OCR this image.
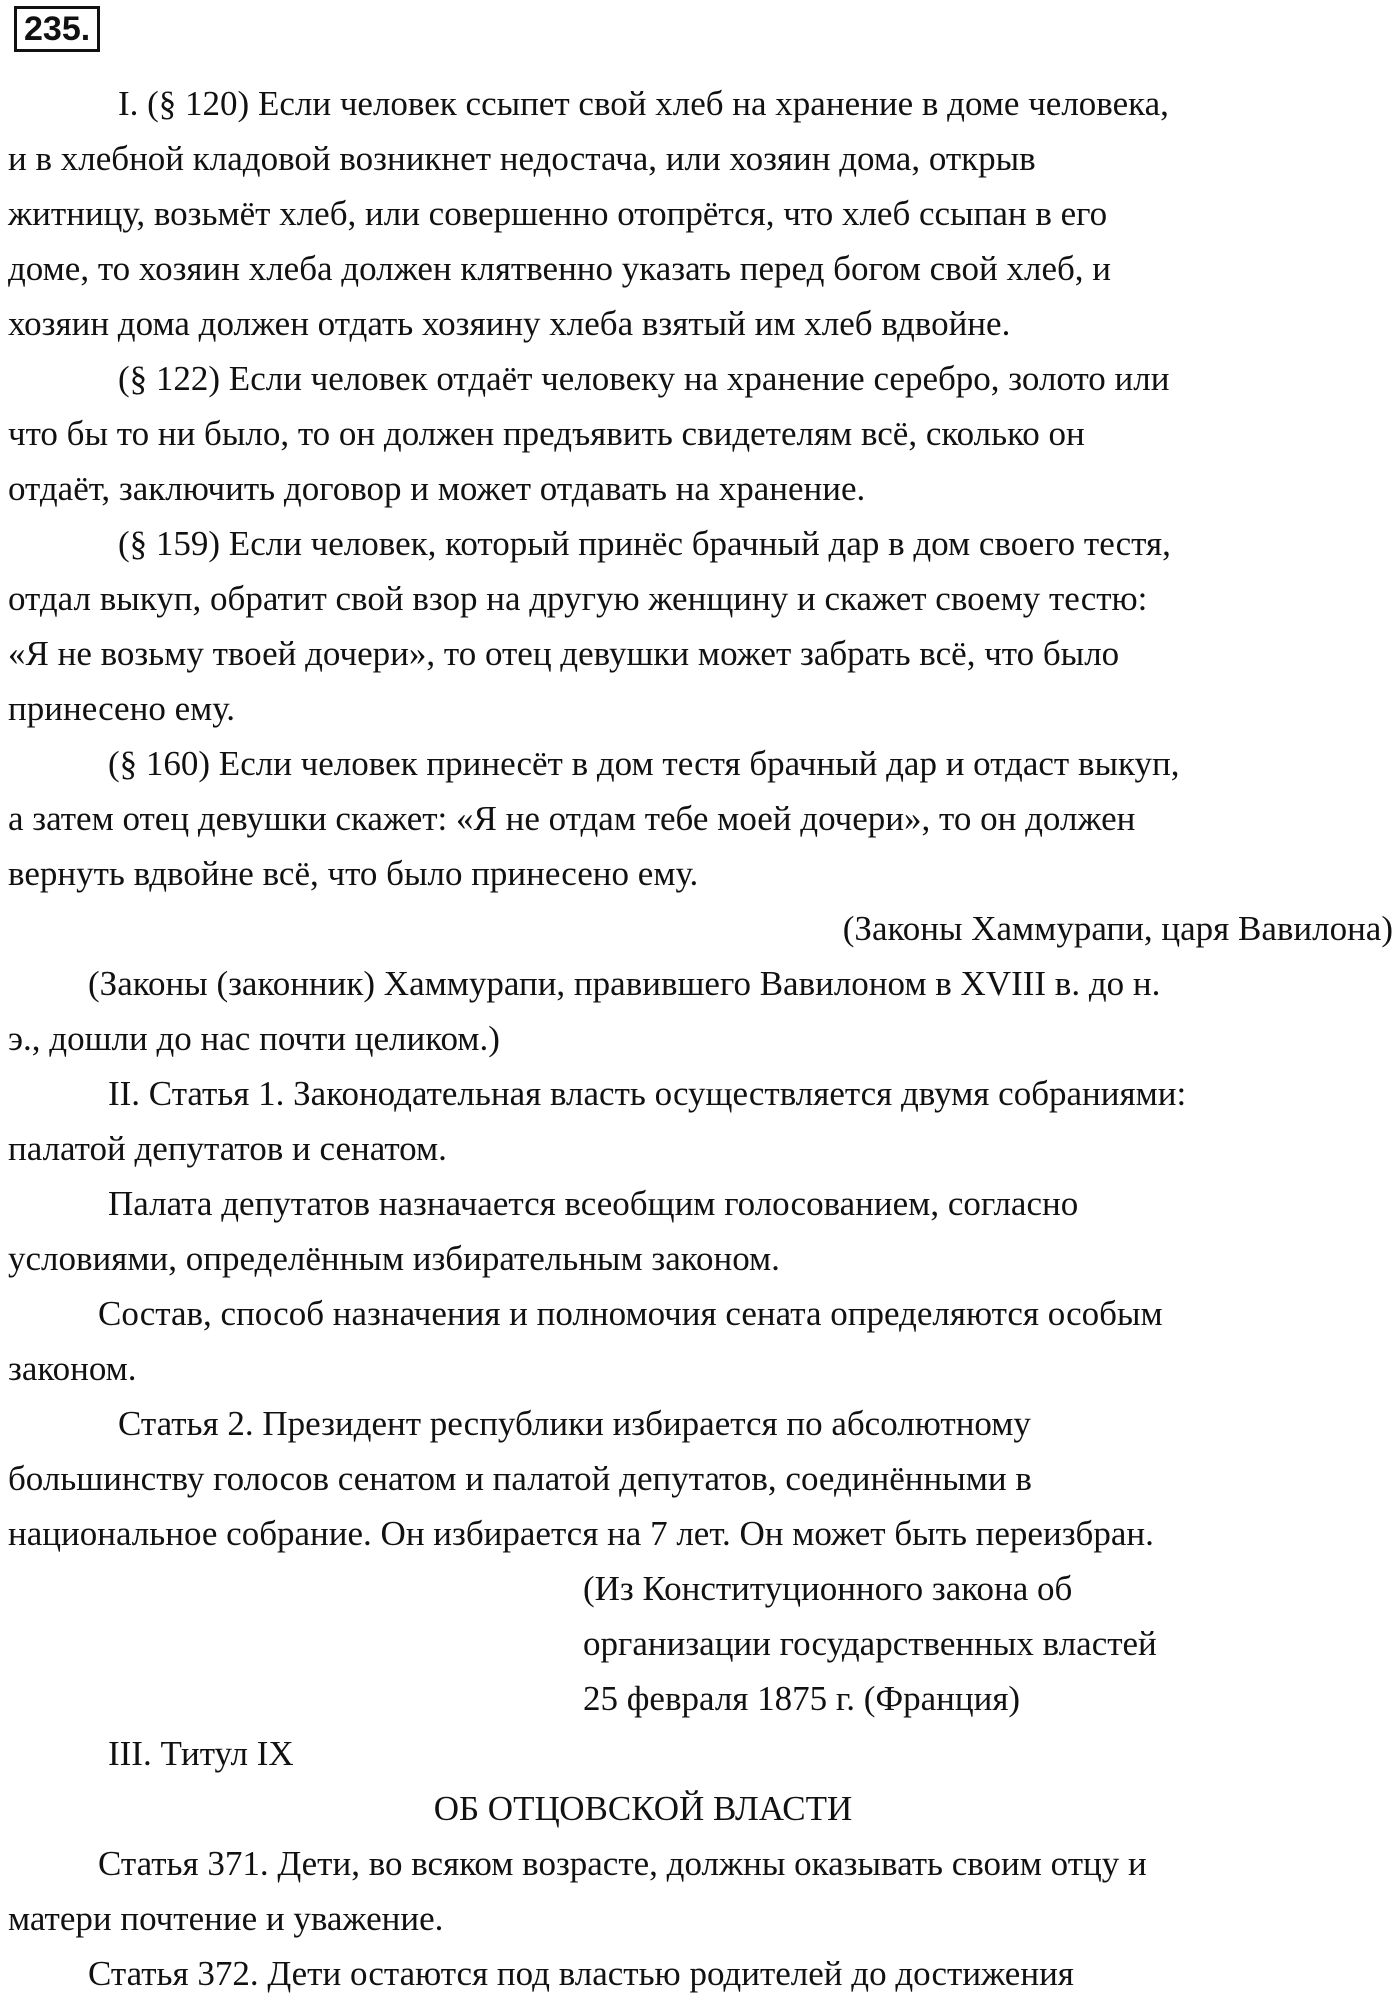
235.
I. (§ 120) Если человек ссыпет свой хлеб на хранение в доме человека,
и в хлебной кладовой возникнет недостача, или хозяин дома, открыв
житницу, возьмёт хлеб, или совершенно отопрётся, что хлеб ссыпан в его
доме, то хозяин хлеба должен клятвенно указать перед богом свой хлеб, и
хозяин дома должен отдать хозяину хлеба взятый им хлеб вдвойне.
(§ 122) Если человек отдаёт человеку на хранение серебро, золото или
что бы то ни было, то он должен предъявить свидетелям всё, сколько он
отдаёт, заключить договор и может отдавать на хранение.
(§ 159) Если человек, который принёс брачный дар в дом своего тестя,
отдал выкуп, обратит свой взор на другую женщину и скажет своему тестю:
«Я не возьму твоей дочери», то отец девушки может забрать всё, что было
принесено ему.
(§ 160) Если человек принесёт в дом тестя брачный дар и отдаст выкуп,
а затем отец девушки скажет: «Я не отдам тебе моей дочери», то он должен
вернуть вдвойне всё, что было принесено ему.
(Законы Хаммурапи, царя Вавилона)
(Законы (законник) Хаммурапи, правившего Вавилоном в XVIII в. до н.
э., дошли до нас почти целиком.)
II. Статья 1. Законодательная власть осуществляется двумя собраниями:
палатой депутатов и сенатом.
Палата депутатов назначается всеобщим голосованием, согласно
условиями, определённым избирательным законом.
Состав, способ назначения и полномочия сената определяются особым
законом.
Статья 2. Президент республики избирается по абсолютному
большинству голосов сенатом и палатой депутатов, соединёнными в
национальное собрание. Он избирается на 7 лет. Он может быть переизбран.
(Из Конституционного закона об
организации государственных властей
25 февраля 1875 г. (Франция)
III. Титул IX
ОБ ОТЦОВСКОЙ ВЛАСТИ
Статья 371. Дети, во всяком возрасте, должны оказывать своим отцу и
матери почтение и уважение.
Статья 372. Дети остаются под властью родителей до достижения
